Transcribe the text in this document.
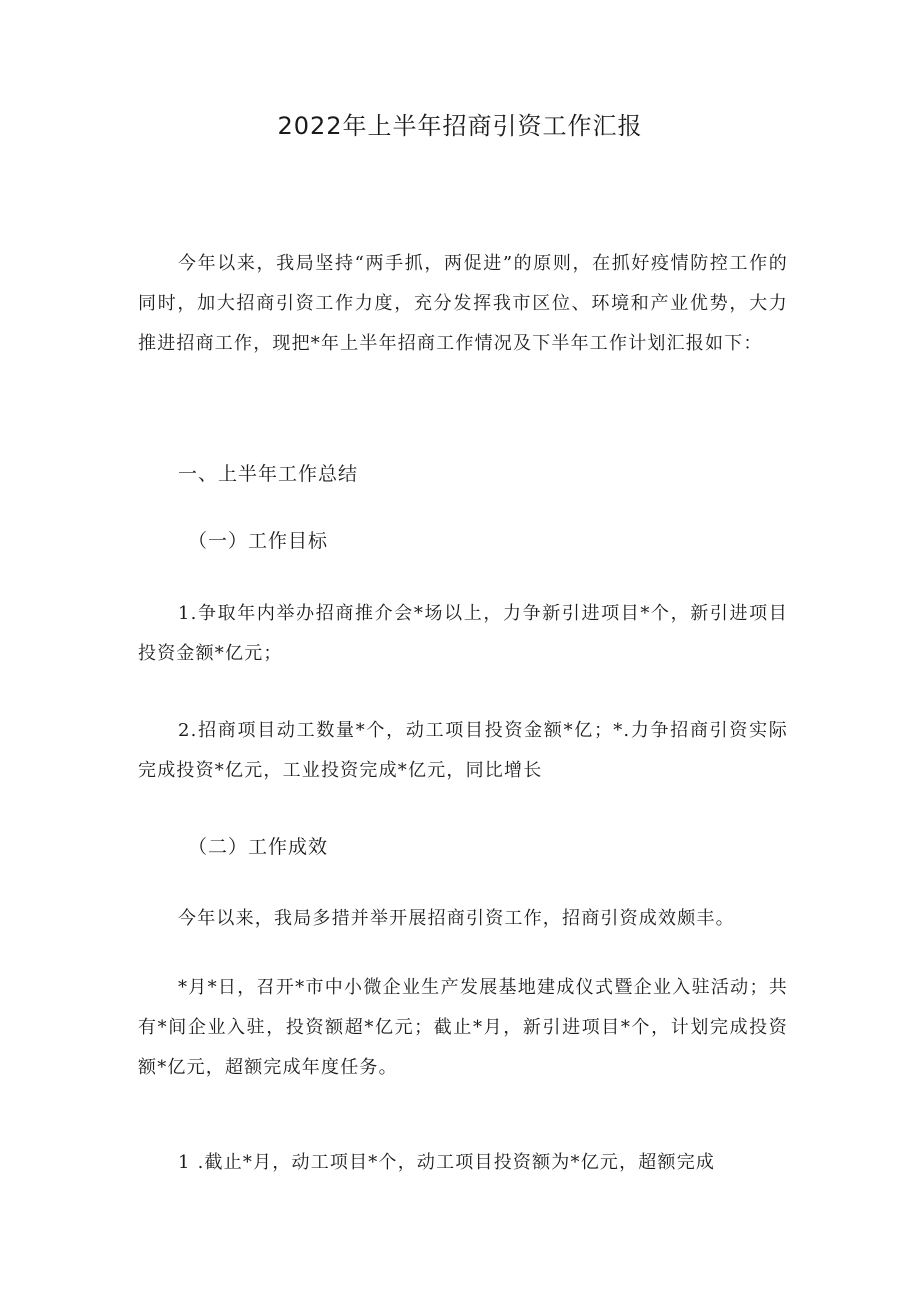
2022年上半年招商引资工作汇报

今年以来，我局坚持“两手抓，两促进”的原则，在抓好疫情防控工作的同时，加大招商引资工作力度，充分发挥我市区位、环境和产业优势，大力推进招商工作，现把*年上半年招商工作情况及下半年工作计划汇报如下：

一、上半年工作总结
（一）工作目标

1.争取年内举办招商推介会*场以上，力争新引进项目*个，新引进项目投资金额*亿元；

2.招商项目动工数量*个，动工项目投资金额*亿；*.力争招商引资实际完成投资*亿元，工业投资完成*亿元，同比增长

（二）工作成效

今年以来，我局多措并举开展招商引资工作，招商引资成效颇丰。

*月*日，召开*市中小微企业生产发展基地建成仪式暨企业入驻活动；共有*间企业入驻，投资额超*亿元；截止*月，新引进项目*个，计划完成投资额*亿元，超额完成年度任务。

1 .截止*月，动工项目*个，动工项目投资额为*亿元，超额完成
